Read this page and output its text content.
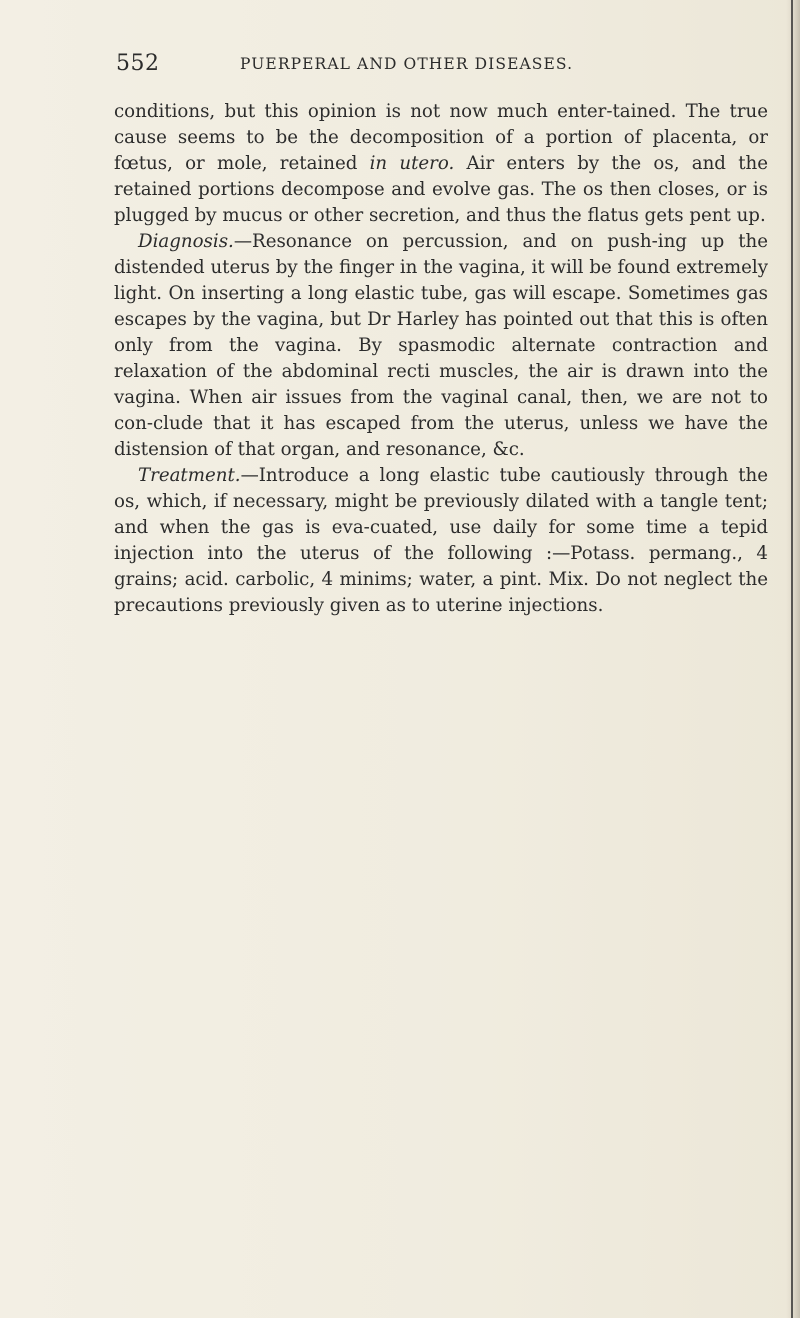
552	PUERPERAL AND OTHER DISEASES.

conditions, but this opinion is not now much enter-tained. The true cause seems to be the decomposition of a portion of placenta, or fœtus, or mole, retained in utero. Air enters by the os, and the retained portions decompose and evolve gas. The os then closes, or is plugged by mucus or other secretion, and thus the flatus gets pent up.

Diagnosis.—Resonance on percussion, and on push-ing up the distended uterus by the finger in the vagina, it will be found extremely light. On inserting a long elastic tube, gas will escape. Sometimes gas escapes by the vagina, but Dr Harley has pointed out that this is often only from the vagina. By spasmodic alternate contraction and relaxation of the abdominal recti muscles, the air is drawn into the vagina. When air issues from the vaginal canal, then, we are not to con-clude that it has escaped from the uterus, unless we have the distension of that organ, and resonance, &c.

Treatment.—Introduce a long elastic tube cautiously through the os, which, if necessary, might be previously dilated with a tangle tent; and when the gas is eva-cuated, use daily for some time a tepid injection into the uterus of the following :—Potass. permang., 4 grains; acid. carbolic, 4 minims; water, a pint. Mix. Do not neglect the precautions previously given as to uterine injections.
